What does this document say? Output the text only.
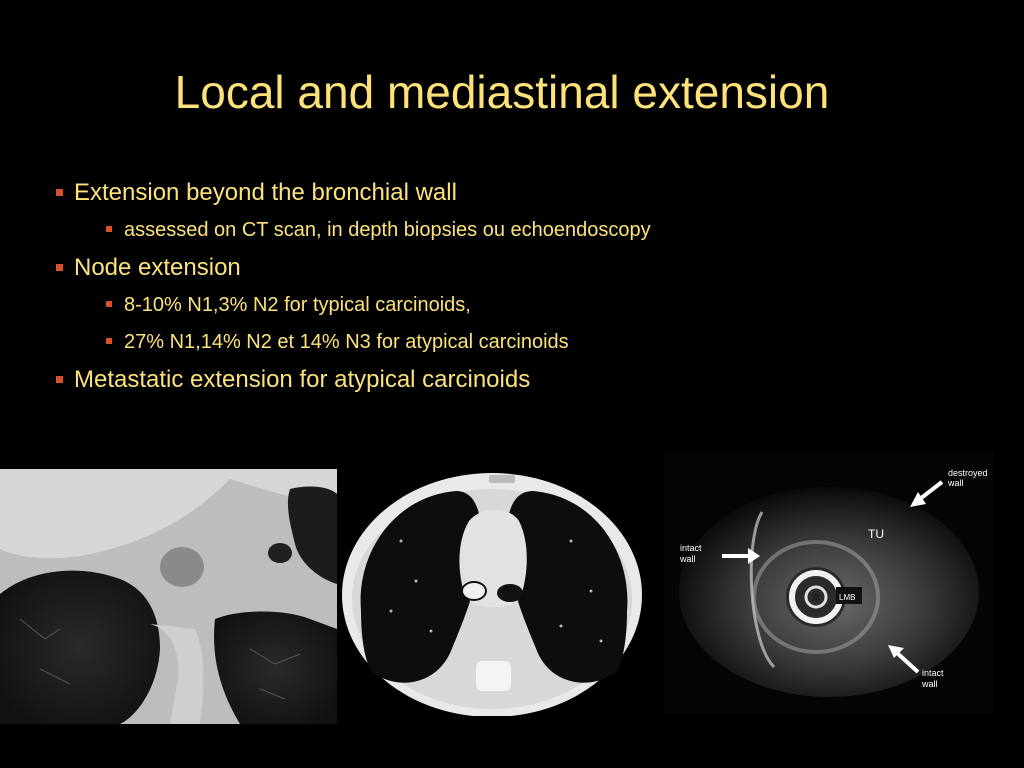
Local and mediastinal extension
Extension beyond the bronchial wall
assessed on CT scan, in depth biopsies ou echoendoscopy
Node extension
8-10% N1,3% N2 for typical carcinoids,
27% N1,14% N2 et 14% N3 for atypical carcinoids
Metastatic extension for atypical carcinoids
destroyed
wall
intact
wall
intact
wall
TU
LMB
